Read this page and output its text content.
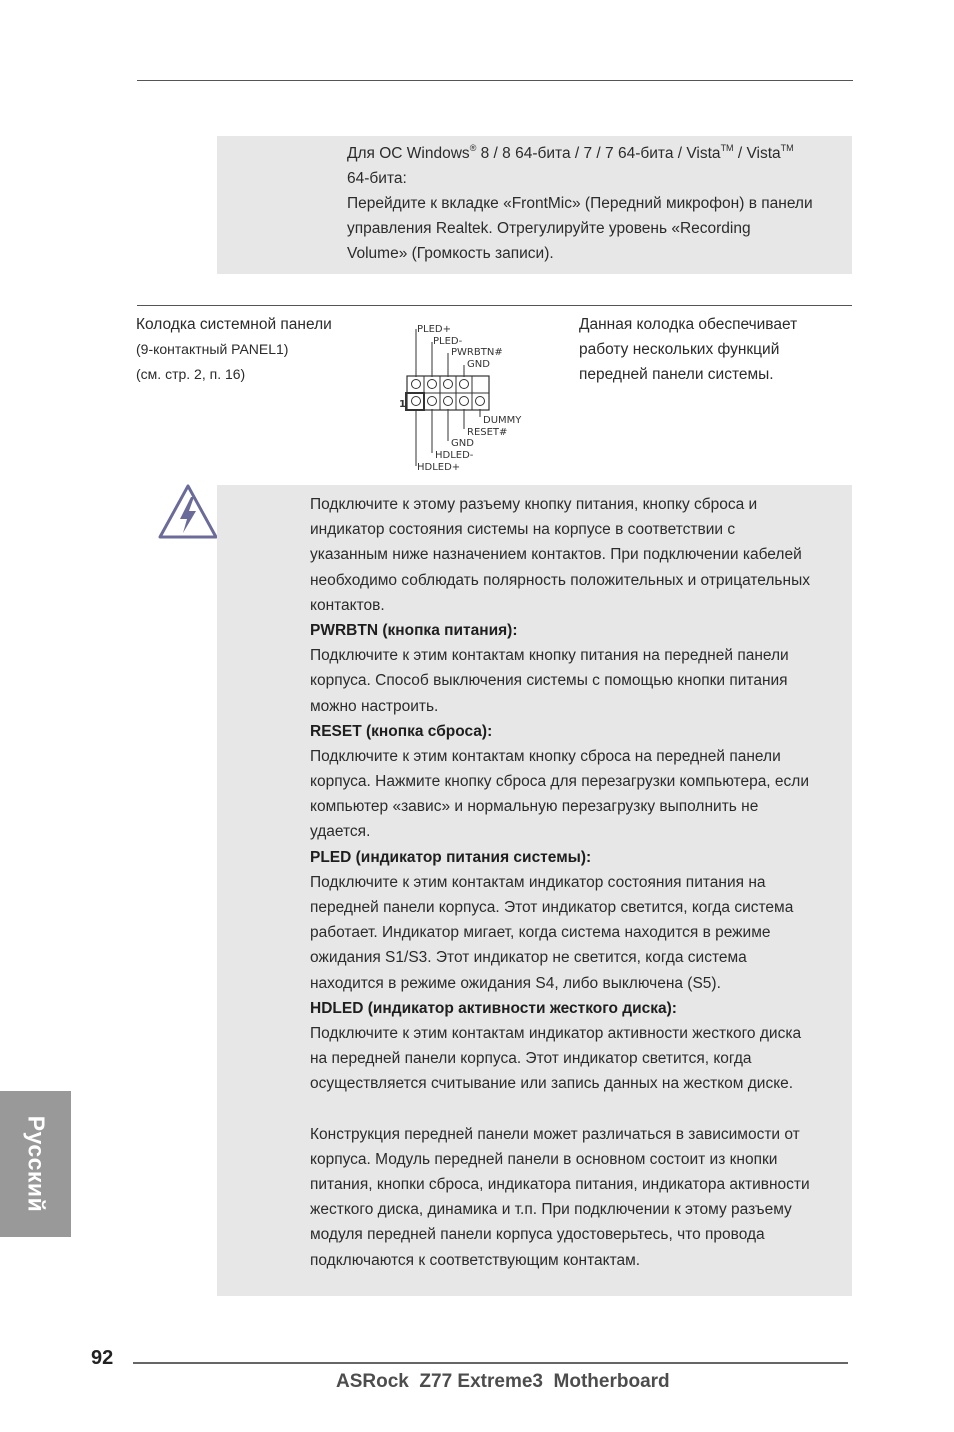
Для ОС Windows® 8 / 8 64-бита / 7 / 7 64-бита / Vista™ / Vista™
64-бита:
Перейдите к вкладке «FrontMic» (Передний микрофон) в панели
управления Realtek. Отрегулируйте уровень «Recording
Volume» (Громкость записи).
Колодка системной панели
(9-контактный PANEL1)
(см. стр. 2, п. 16)
Данная колодка обеспечивает
работу нескольких функций
передней панели системы.
PLED+
PLED-
PWRBTN#
GND
DUMMY
RESET#
GND
HDLED-
HDLED+
1
Подключите к этому разъему кнопку питания, кнопку сброса и
индикатор состояния системы на корпусе в соответствии с
указанным ниже назначением контактов. При подключении кабелей
необходимо соблюдать полярность положительных и отрицательных
контактов.
PWRBTN (кнопка питания):
Подключите к этим контактам кнопку питания на передней панели
корпуса. Способ выключения системы с помощью кнопки питания
можно настроить.
RESET (кнопка сброса):
Подключите к этим контактам кнопку сброса на передней панели
корпуса. Нажмите кнопку сброса для перезагрузки компьютера, если
компьютер «завис» и нормальную перезагрузку выполнить не
удается.
PLED (индикатор питания системы):
Подключите к этим контактам индикатор состояния питания на
передней панели корпуса. Этот индикатор светится, когда система
работает. Индикатор мигает, когда система находится в режиме
ожидания S1/S3. Этот индикатор не светится, когда система
находится в режиме ожидания S4, либо выключена (S5).
HDLED (индикатор активности жесткого диска):
Подключите к этим контактам индикатор активности жесткого диска
на передней панели корпуса. Этот индикатор светится, когда
осуществляется считывание или запись данных на жестком диске.
Конструкция передней панели может различаться в зависимости от
корпуса. Модуль передней панели в основном состоит из кнопки
питания, кнопки сброса, индикатора питания, индикатора активности
жесткого диска, динамика и т.п. При подключении к этому разъему
модуля передней панели корпуса удостоверьтесь, что провода
подключаются к соответствующим контактам.
Русский
92
ASRock  Z77 Extreme3  Motherboard
